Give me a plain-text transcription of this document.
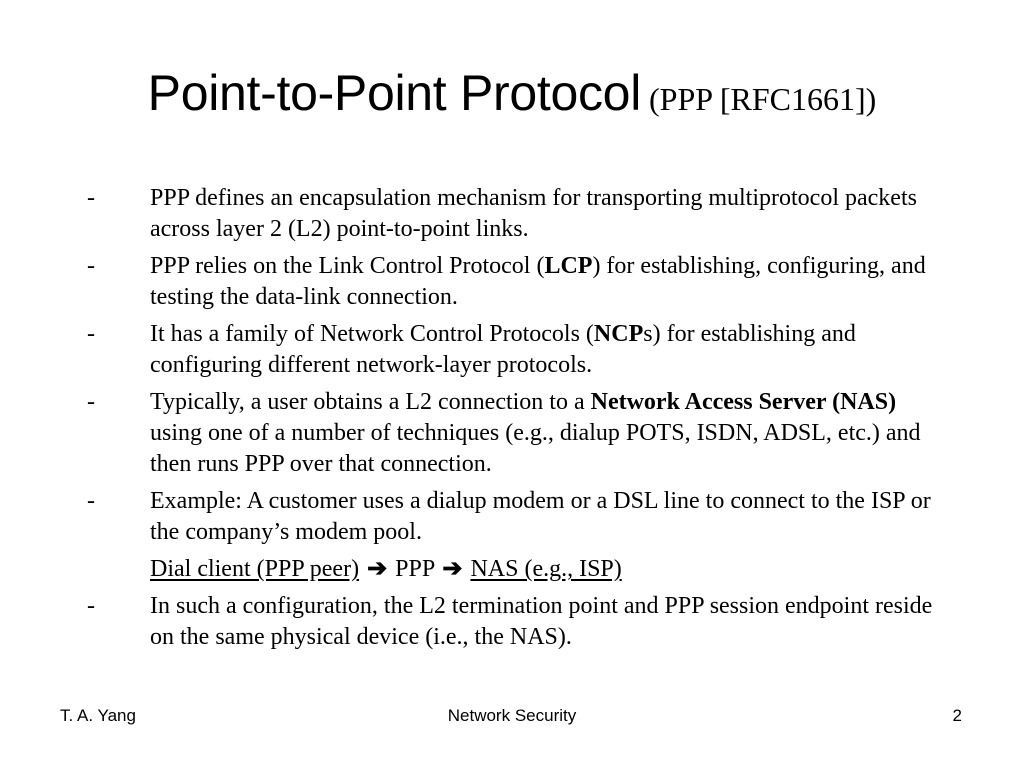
Point-to-Point Protocol (PPP [RFC1661])
- PPP defines an encapsulation mechanism for transporting multiprotocol packets across layer 2 (L2) point-to-point links.
- PPP relies on the Link Control Protocol (LCP) for establishing, configuring, and testing the data-link connection.
- It has a family of Network Control Protocols (NCPs) for establishing and configuring different network-layer protocols.
- Typically, a user obtains a L2 connection to a Network Access Server (NAS) using one of a number of techniques (e.g., dialup POTS, ISDN, ADSL, etc.) and then runs PPP over that connection.
- Example: A customer uses a dialup modem or a DSL line to connect to the ISP or the company’s modem pool.
Dial client (PPP peer) ➔ PPP ➔ NAS (e.g., ISP)
- In such a configuration, the L2 termination point and PPP session endpoint reside on the same physical device (i.e., the NAS).
T. A. Yang	Network Security	2
